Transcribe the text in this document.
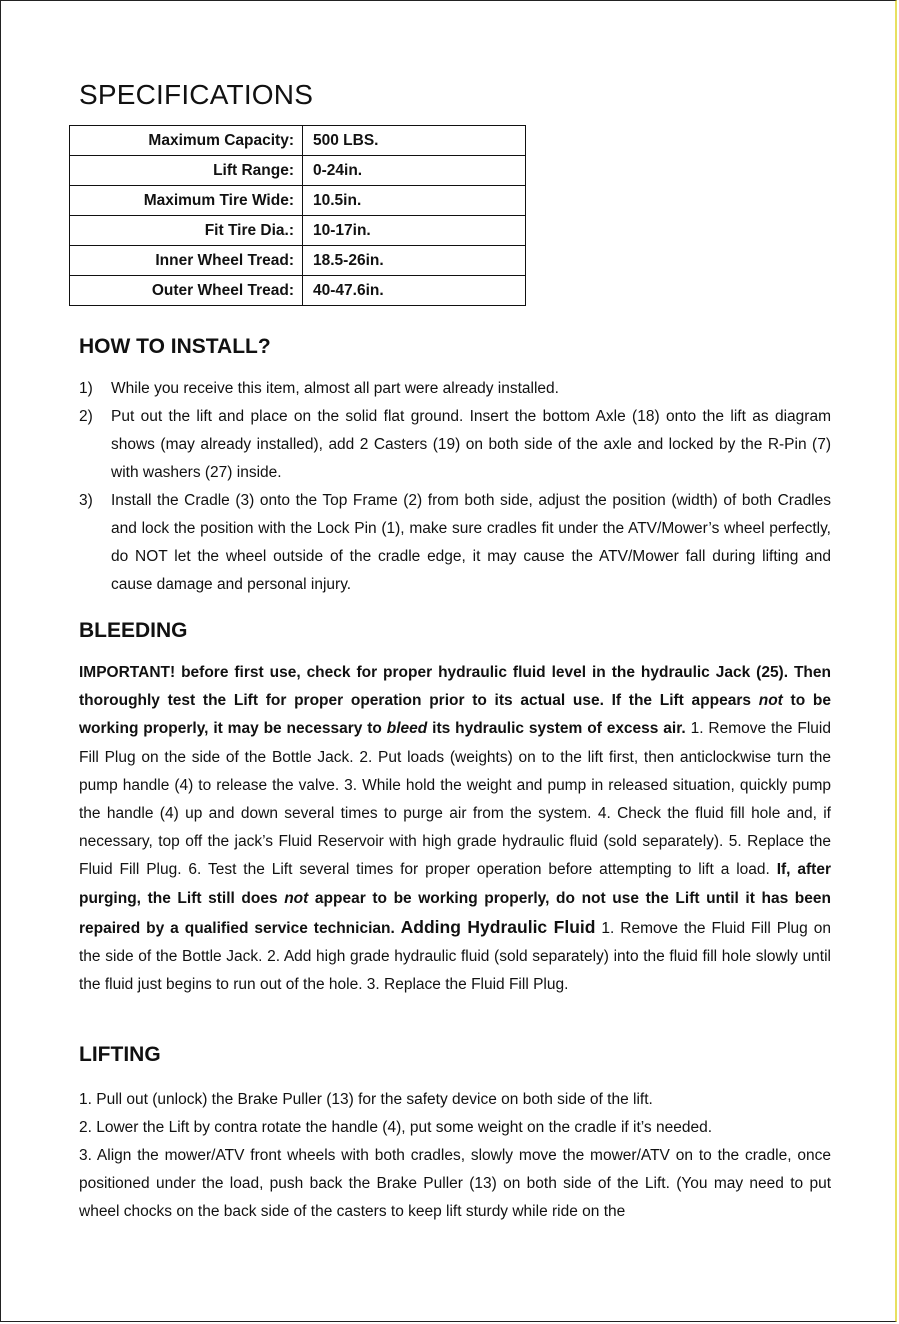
SPECIFICATIONS
Maximum Capacity:	500 LBS.
Lift Range:	0-24in.
Maximum Tire Wide:	10.5in.
Fit Tire Dia.:	10-17in.
Inner Wheel Tread:	18.5-26in.
Outer Wheel Tread:	40-47.6in.
HOW TO INSTALL?
1) While you receive this item, almost all part were already installed.
2) Put out the lift and place on the solid flat ground. Insert the bottom Axle (18) onto the lift as diagram shows (may already installed), add 2 Casters (19) on both side of the axle and locked by the R-Pin (7) with washers (27) inside.
3) Install the Cradle (3) onto the Top Frame (2) from both side, adjust the position (width) of both Cradles and lock the position with the Lock Pin (1), make sure cradles fit under the ATV/Mower’s wheel perfectly, do NOT let the wheel outside of the cradle edge, it may cause the ATV/Mower fall during lifting and cause damage and personal injury.
BLEEDING
IMPORTANT! before first use, check for proper hydraulic fluid level in the hydraulic Jack (25). Then thoroughly test the Lift for proper operation prior to its actual use. If the Lift appears not to be working properly, it may be necessary to bleed its hydraulic system of excess air. 1. Remove the Fluid Fill Plug on the side of the Bottle Jack. 2. Put loads (weights) on to the lift first, then anticlockwise turn the pump handle (4) to release the valve. 3. While hold the weight and pump in released situation, quickly pump the handle (4) up and down several times to purge air from the system. 4. Check the fluid fill hole and, if necessary, top off the jack’s Fluid Reservoir with high grade hydraulic fluid (sold separately). 5. Replace the Fluid Fill Plug. 6. Test the Lift several times for proper operation before attempting to lift a load. If, after purging, the Lift still does not appear to be working properly, do not use the Lift until it has been repaired by a qualified service technician. Adding Hydraulic Fluid 1. Remove the Fluid Fill Plug on the side of the Bottle Jack. 2. Add high grade hydraulic fluid (sold separately) into the fluid fill hole slowly until the fluid just begins to run out of the hole. 3. Replace the Fluid Fill Plug.
LIFTING

1. Pull out (unlock) the Brake Puller (13) for the safety device on both side of the lift.

2. Lower the Lift by contra rotate the handle (4), put some weight on the cradle if it’s needed.

3. Align the mower/ATV front wheels with both cradles, slowly move the mower/ATV on to the cradle, once positioned under the load, push back the Brake Puller (13) on both side of the Lift. (You may need to put wheel chocks on the back side of the casters to keep lift sturdy while ride on the
